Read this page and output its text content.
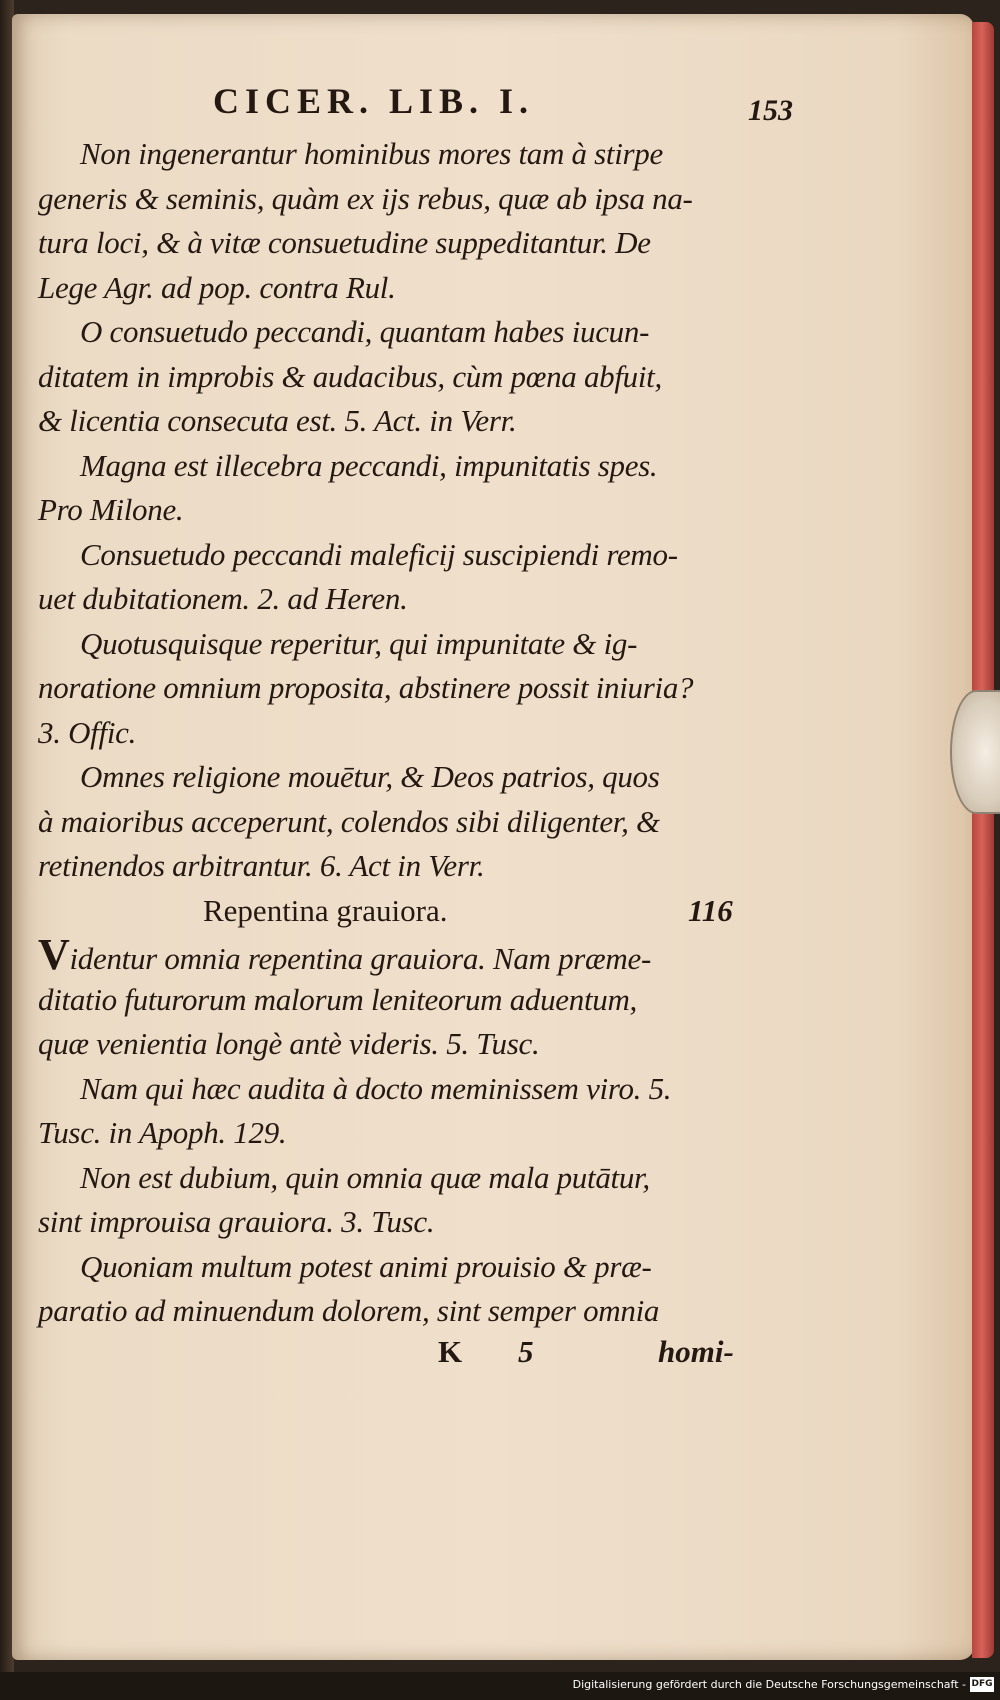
CICER. LIB. I.	153
Non ingenerantur hominibus mores tam à stirpe
generis & seminis, quàm ex ijs rebus, quæ ab ipsa na-
tura loci, & à vitæ consuetudine suppeditantur. De
Lege Agr. ad pop. contra Rul.
O consuetudo peccandi, quantam habes iucun-
ditatem in improbis & audacibus, cùm pœna abfuit,
& licentia consecuta est. 5. Act. in Verr.
Magna est illecebra peccandi, impunitatis spes.
Pro Milone.
Consuetudo peccandi maleficij suscipiendi remo-
uet dubitationem. 2. ad Heren.
Quotusquisque reperitur, qui impunitate & ig-
noratione omnium proposita, abstinere possit iniuria?
3. Offic.
Omnes religione mouētur, & Deos patrios, quos
à maioribus acceperunt, colendos sibi diligenter, &
retinendos arbitrantur. 6. Act in Verr.
Repentina grauiora.	116
Videntur omnia repentina grauiora. Nam præme-
ditatio futurorum malorum leniteorum aduentum,
quæ venientia longè antè videris. 5. Tusc.
Nam qui hæc audita à docto meminissem viro. 5.
Tusc. in Apoph. 129.
Non est dubium, quin omnia quæ mala putātur,
sint improuisa grauiora. 3. Tusc.
Quoniam multum potest animi prouisio & præ-
paratio ad minuendum dolorem, sint semper omnia
K 5	homi-
Digitalisierung gefördert durch die Deutsche Forschungsgemeinschaft - DFG
